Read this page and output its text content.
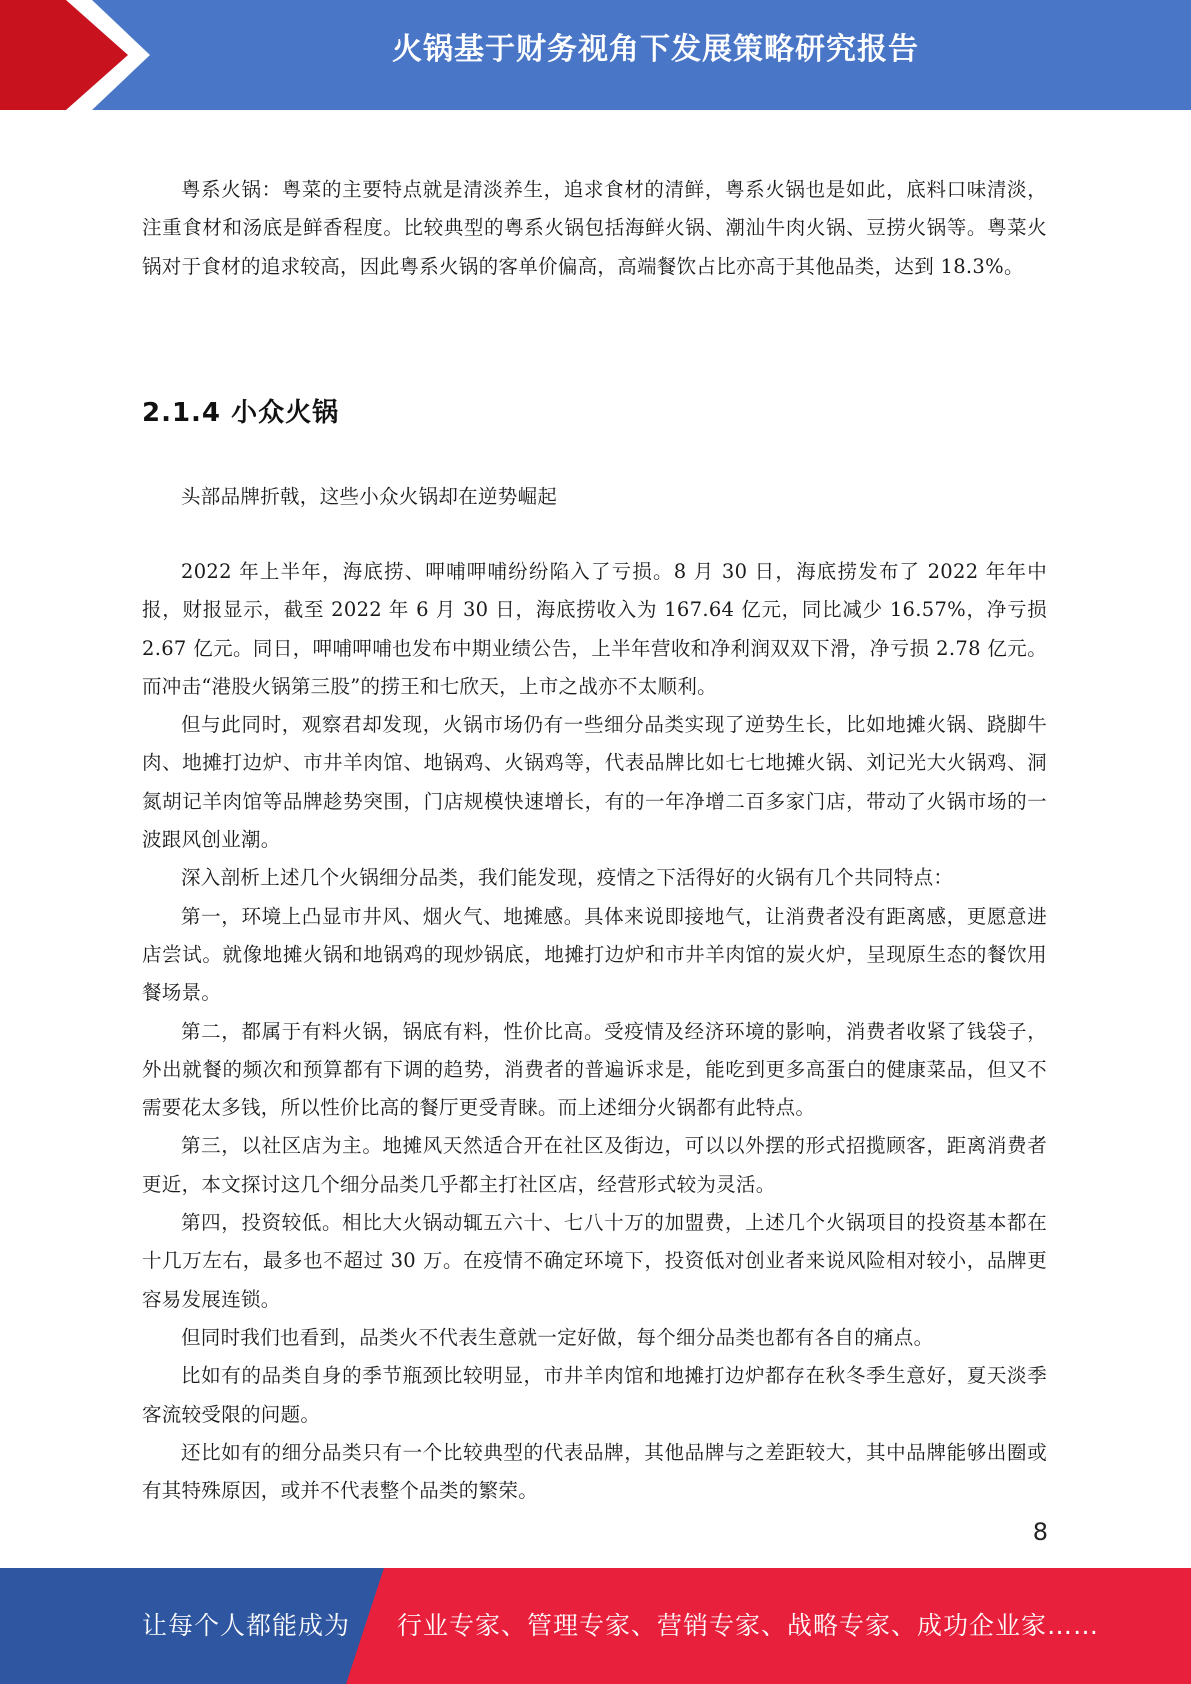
火锅基于财务视角下发展策略研究报告

粤系火锅：粤菜的主要特点就是清淡养生，追求食材的清鲜，粤系火锅也是如此，底料口味清淡，注重食材和汤底是鲜香程度。比较典型的粤系火锅包括海鲜火锅、潮汕牛肉火锅、豆捞火锅等。粤菜火锅对于食材的追求较高，因此粤系火锅的客单价偏高，高端餐饮占比亦高于其他品类，达到 18.3%。

2.1.4 小众火锅

头部品牌折戟，这些小众火锅却在逆势崛起

2022 年上半年，海底捞、呷哺呷哺纷纷陷入了亏损。8 月 30 日，海底捞发布了 2022 年年中报，财报显示，截至 2022 年 6 月 30 日，海底捞收入为 167.64 亿元，同比减少 16.57%，净亏损 2.67 亿元。同日，呷哺呷哺也发布中期业绩公告，上半年营收和净利润双双下滑，净亏损 2.78 亿元。而冲击“港股火锅第三股”的捞王和七欣天，上市之战亦不太顺利。

但与此同时，观察君却发现，火锅市场仍有一些细分品类实现了逆势生长，比如地摊火锅、跷脚牛肉、地摊打边炉、市井羊肉馆、地锅鸡、火锅鸡等，代表品牌比如七七地摊火锅、刘记光大火锅鸡、洞氮胡记羊肉馆等品牌趁势突围，门店规模快速增长，有的一年净增二百多家门店，带动了火锅市场的一波跟风创业潮。

深入剖析上述几个火锅细分品类，我们能发现，疫情之下活得好的火锅有几个共同特点：

第一，环境上凸显市井风、烟火气、地摊感。具体来说即接地气，让消费者没有距离感，更愿意进店尝试。就像地摊火锅和地锅鸡的现炒锅底，地摊打边炉和市井羊肉馆的炭火炉，呈现原生态的餐饮用餐场景。

第二，都属于有料火锅，锅底有料，性价比高。受疫情及经济环境的影响，消费者收紧了钱袋子，外出就餐的频次和预算都有下调的趋势，消费者的普遍诉求是，能吃到更多高蛋白的健康菜品，但又不需要花太多钱，所以性价比高的餐厅更受青睐。而上述细分火锅都有此特点。

第三，以社区店为主。地摊风天然适合开在社区及街边，可以以外摆的形式招揽顾客，距离消费者更近，本文探讨这几个细分品类几乎都主打社区店，经营形式较为灵活。

第四，投资较低。相比大火锅动辄五六十、七八十万的加盟费，上述几个火锅项目的投资基本都在十几万左右，最多也不超过 30 万。在疫情不确定环境下，投资低对创业者来说风险相对较小，品牌更容易发展连锁。

但同时我们也看到，品类火不代表生意就一定好做，每个细分品类也都有各自的痛点。

比如有的品类自身的季节瓶颈比较明显，市井羊肉馆和地摊打边炉都存在秋冬季生意好，夏天淡季客流较受限的问题。

还比如有的细分品类只有一个比较典型的代表品牌，其他品牌与之差距较大，其中品牌能够出圈或有其特殊原因，或并不代表整个品类的繁荣。

8
让每个人都能成为 行业专家、管理专家、营销专家、战略专家、成功企业家……
